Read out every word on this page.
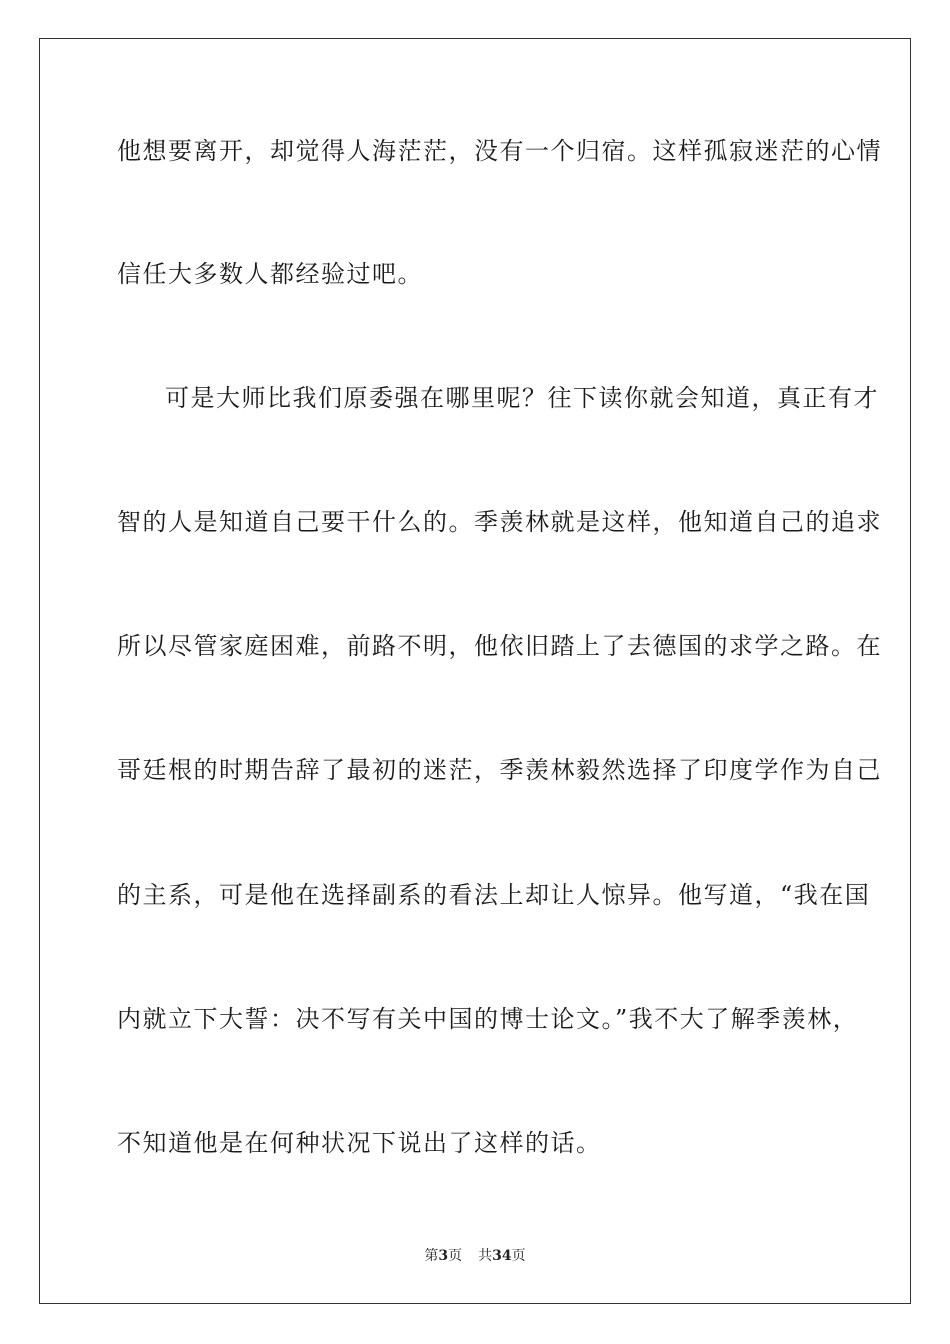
他想要离开，却觉得人海茫茫，没有一个归宿。这样孤寂迷茫的心情
信任大多数人都经验过吧。
可是大师比我们原委强在哪里呢？往下读你就会知道，真正有才
智的人是知道自己要干什么的。季羡林就是这样，他知道自己的追求
所以尽管家庭困难，前路不明，他依旧踏上了去德国的求学之路。在
哥廷根的时期告辞了最初的迷茫，季羡林毅然选择了印度学作为自己
的主系，可是他在选择副系的看法上却让人惊异。他写道，“我在国
内就立下大誓：决不写有关中国的博士论文。”我不大了解季羡林，
不知道他是在何种状况下说出了这样的话。
第3页 共34页
